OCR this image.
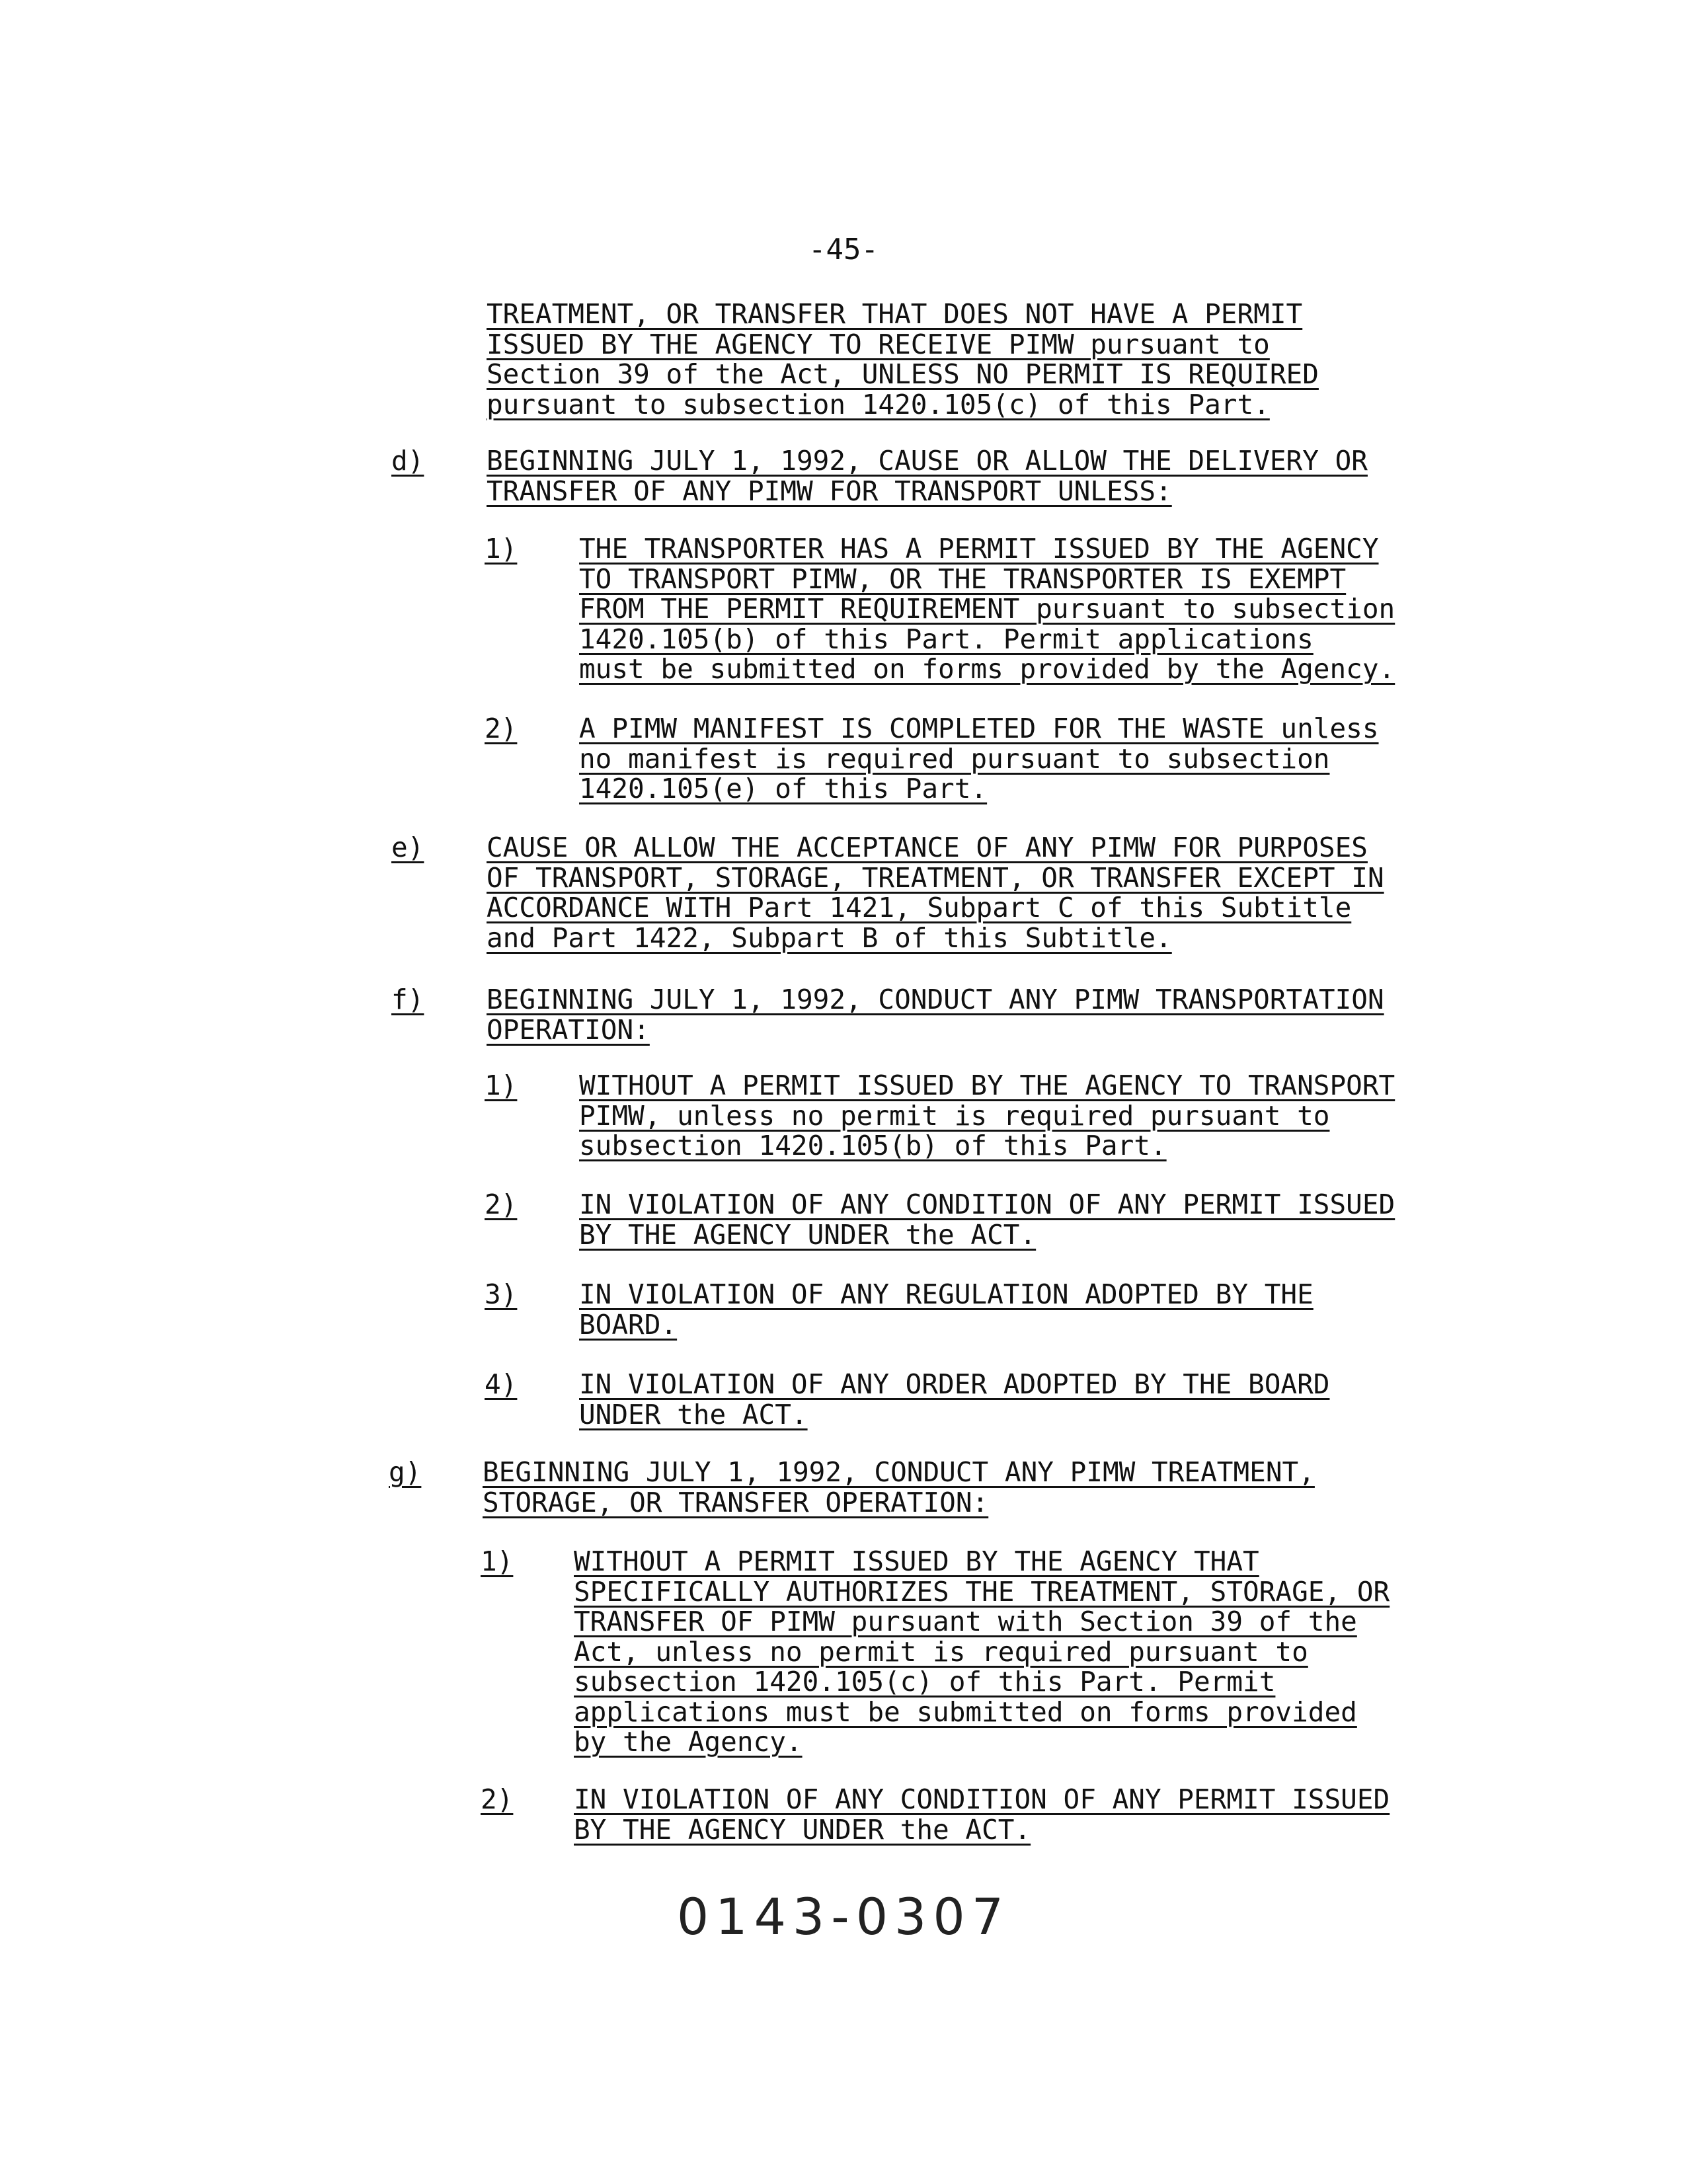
-45-
TREATMENT, OR TRANSFER THAT DOES NOT HAVE A PERMIT
ISSUED BY THE AGENCY TO RECEIVE PIMW pursuant to
Section 39 of the Act, UNLESS NO PERMIT IS REQUIRED
pursuant to subsection 1420.105(c) of this Part.
d) BEGINNING JULY 1, 1992, CAUSE OR ALLOW THE DELIVERY OR
TRANSFER OF ANY PIMW FOR TRANSPORT UNLESS:
1) THE TRANSPORTER HAS A PERMIT ISSUED BY THE AGENCY
TO TRANSPORT PIMW, OR THE TRANSPORTER IS EXEMPT
FROM THE PERMIT REQUIREMENT pursuant to subsection
1420.105(b) of this Part. Permit applications
must be submitted on forms provided by the Agency.
2) A PIMW MANIFEST IS COMPLETED FOR THE WASTE unless
no manifest is required pursuant to subsection
1420.105(e) of this Part.
e) CAUSE OR ALLOW THE ACCEPTANCE OF ANY PIMW FOR PURPOSES
OF TRANSPORT, STORAGE, TREATMENT, OR TRANSFER EXCEPT IN
ACCORDANCE WITH Part 1421, Subpart C of this Subtitle
and Part 1422, Subpart B of this Subtitle.
f) BEGINNING JULY 1, 1992, CONDUCT ANY PIMW TRANSPORTATION
OPERATION:
1) WITHOUT A PERMIT ISSUED BY THE AGENCY TO TRANSPORT
PIMW, unless no permit is required pursuant to
subsection 1420.105(b) of this Part.
2) IN VIOLATION OF ANY CONDITION OF ANY PERMIT ISSUED
BY THE AGENCY UNDER the ACT.
3) IN VIOLATION OF ANY REGULATION ADOPTED BY THE
BOARD.
4) IN VIOLATION OF ANY ORDER ADOPTED BY THE BOARD
UNDER the ACT.
g) BEGINNING JULY 1, 1992, CONDUCT ANY PIMW TREATMENT,
STORAGE, OR TRANSFER OPERATION:
1) WITHOUT A PERMIT ISSUED BY THE AGENCY THAT
SPECIFICALLY AUTHORIZES THE TREATMENT, STORAGE, OR
TRANSFER OF PIMW pursuant with Section 39 of the
Act, unless no permit is required pursuant to
subsection 1420.105(c) of this Part. Permit
applications must be submitted on forms provided
by the Agency.
2) IN VIOLATION OF ANY CONDITION OF ANY PERMIT ISSUED
BY THE AGENCY UNDER the ACT.
0143-0307
